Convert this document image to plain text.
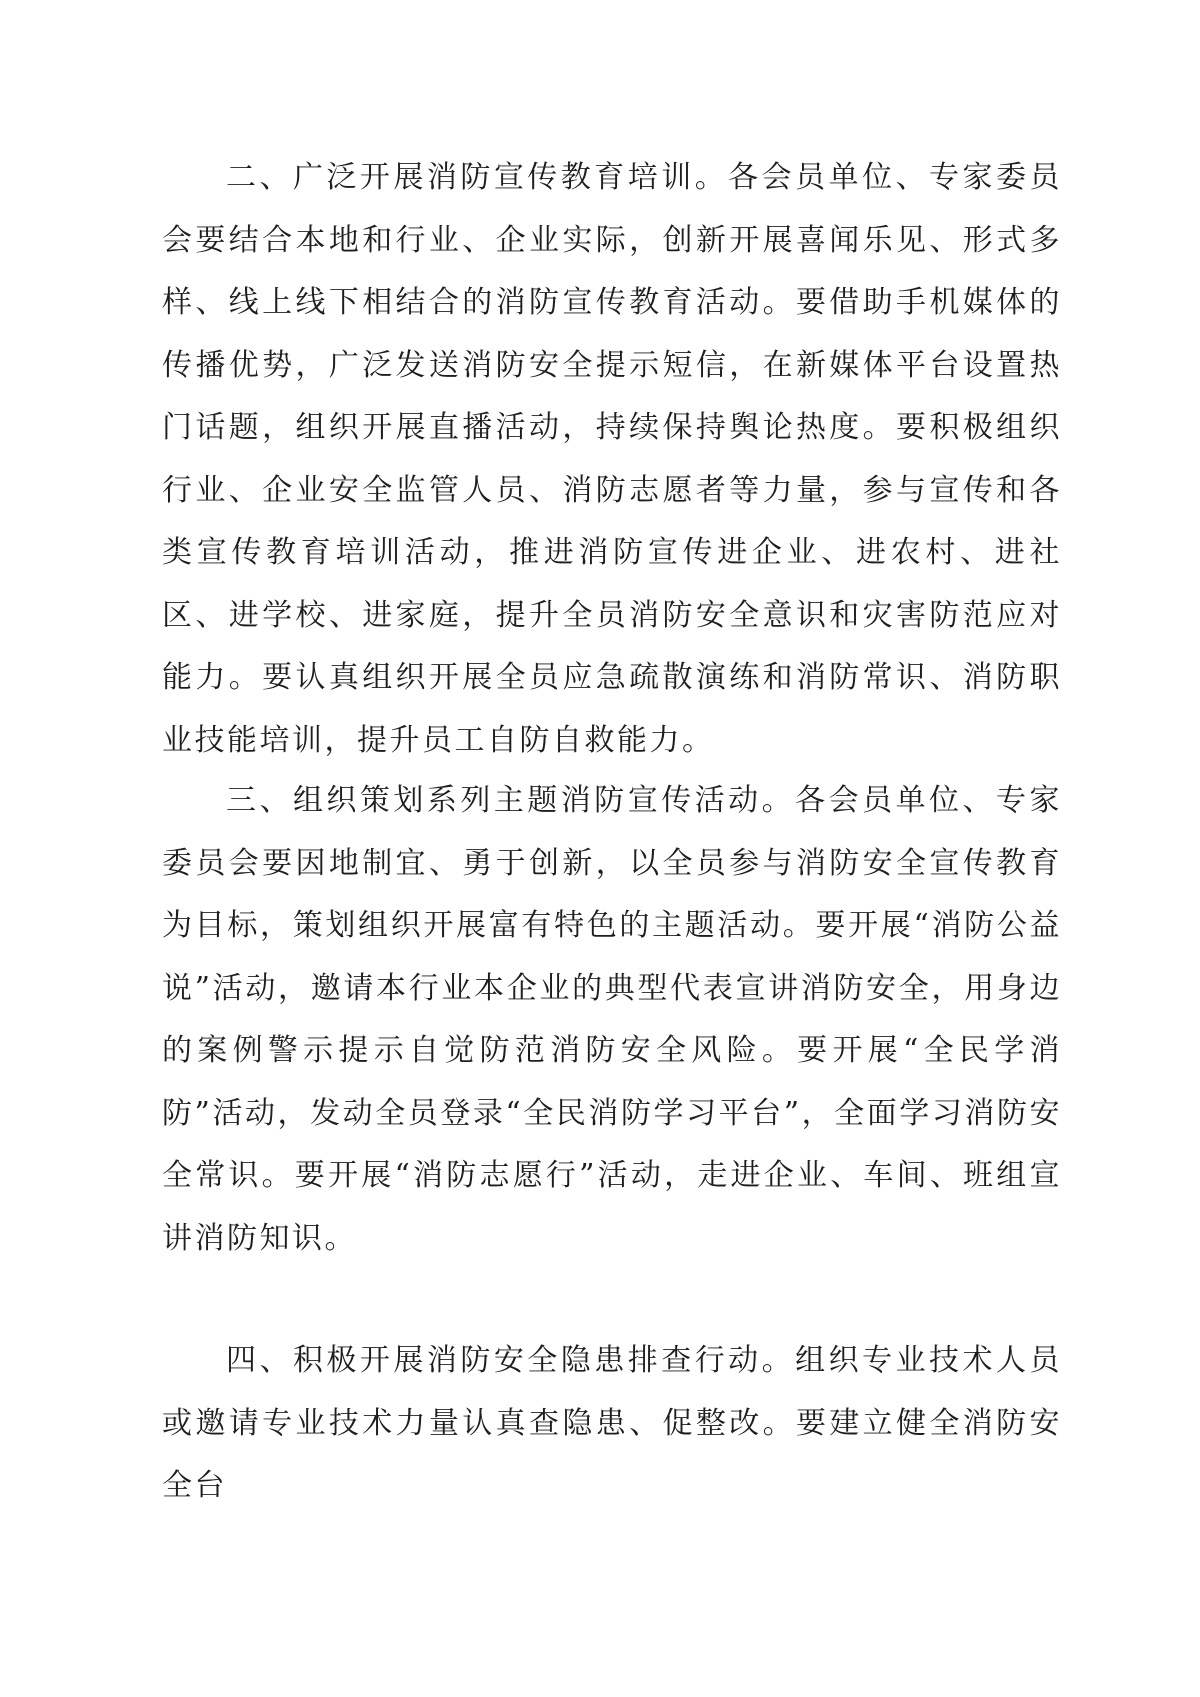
二、广泛开展消防宣传教育培训。各会员单位、专家委员会要结合本地和行业、企业实际，创新开展喜闻乐见、形式多样、线上线下相结合的消防宣传教育活动。要借助手机媒体的传播优势，广泛发送消防安全提示短信，在新媒体平台设置热门话题，组织开展直播活动，持续保持舆论热度。要积极组织行业、企业安全监管人员、消防志愿者等力量，参与宣传和各类宣传教育培训活动，推进消防宣传进企业、进农村、进社区、进学校、进家庭，提升全员消防安全意识和灾害防范应对能力。要认真组织开展全员应急疏散演练和消防常识、消防职业技能培训，提升员工自防自救能力。

三、组织策划系列主题消防宣传活动。各会员单位、专家委员会要因地制宜、勇于创新，以全员参与消防安全宣传教育为目标，策划组织开展富有特色的主题活动。要开展“消防公益说”活动，邀请本行业本企业的典型代表宣讲消防安全，用身边的案例警示提示自觉防范消防安全风险。要开展“全民学消防”活动，发动全员登录“全民消防学习平台”，全面学习消防安全常识。要开展“消防志愿行”活动，走进企业、车间、班组宣讲消防知识。

四、积极开展消防安全隐患排查行动。组织专业技术人员或邀请专业技术力量认真查隐患、促整改。要建立健全消防安全台
